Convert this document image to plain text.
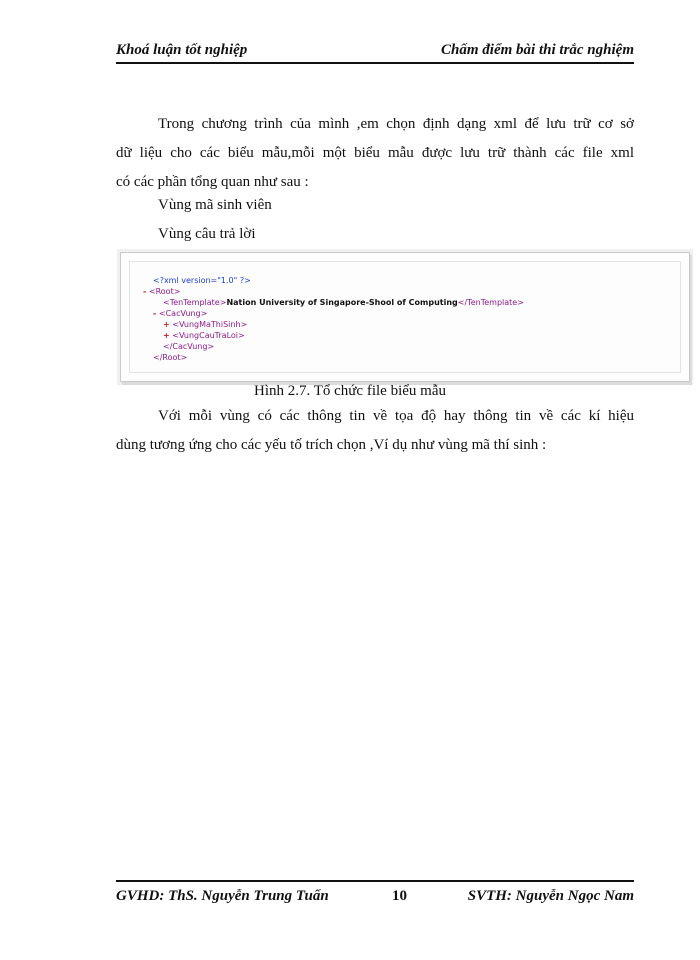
Khoá luận tốt nghiệp	Chấm điểm bài thi trắc nghiệm
Trong chương trình của mình ,em chọn định dạng xml để lưu trữ cơ sở
dữ liệu cho các biểu mẫu,mỗi một biểu mẫu được lưu trữ thành các file xml
có các phần tổng quan như sau :
Vùng mã sinh viên
Vùng câu trả lời
<?xml version="1.0" ?>
- <Root>
<TenTemplate>Nation University of Singapore-Shool of Computing</TenTemplate>
- <CacVung>
+ <VungMaThiSinh>
+ <VungCauTraLoi>
</CacVung>
</Root>
Hình 2.7. Tổ chức file biểu mẫu
Với mỗi vùng có các thông tin về tọa độ hay thông tin về các kí hiệu
dùng tương ứng cho các yếu tố trích chọn ,Ví dụ như vùng mã thí sinh :
GVHD: ThS. Nguyễn Trung Tuấn	10	SVTH: Nguyễn Ngọc Nam
